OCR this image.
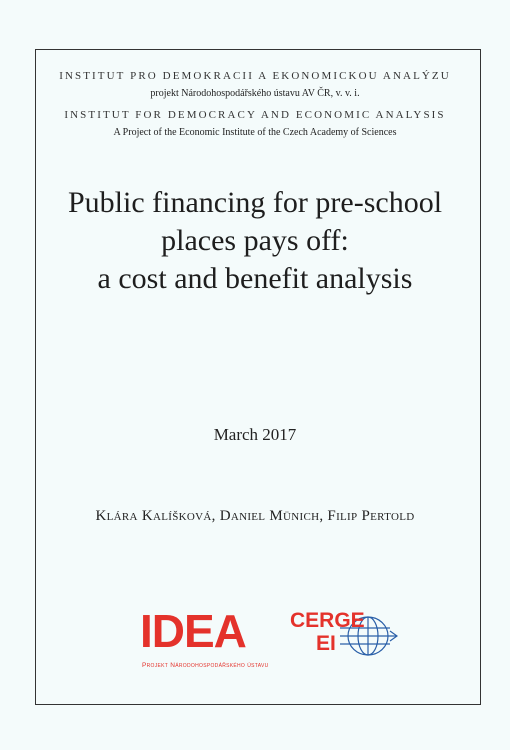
INSTITUT PRO DEMOKRACII A EKONOMICKOU ANALÝZU
projekt Národohospodářského ústavu AV ČR, v. v. i.
INSTITUT FOR DEMOCRACY AND ECONOMIC ANALYSIS
A Project of the Economic Institute of the Czech Academy of Sciences
Public financing for pre-school
places pays off:
a cost and benefit analysis
March 2017
Klára Kalíšková, Daniel Münich, Filip Pertold
IDEA CERGE
EI
Projekt Národohospodářského ústavu
